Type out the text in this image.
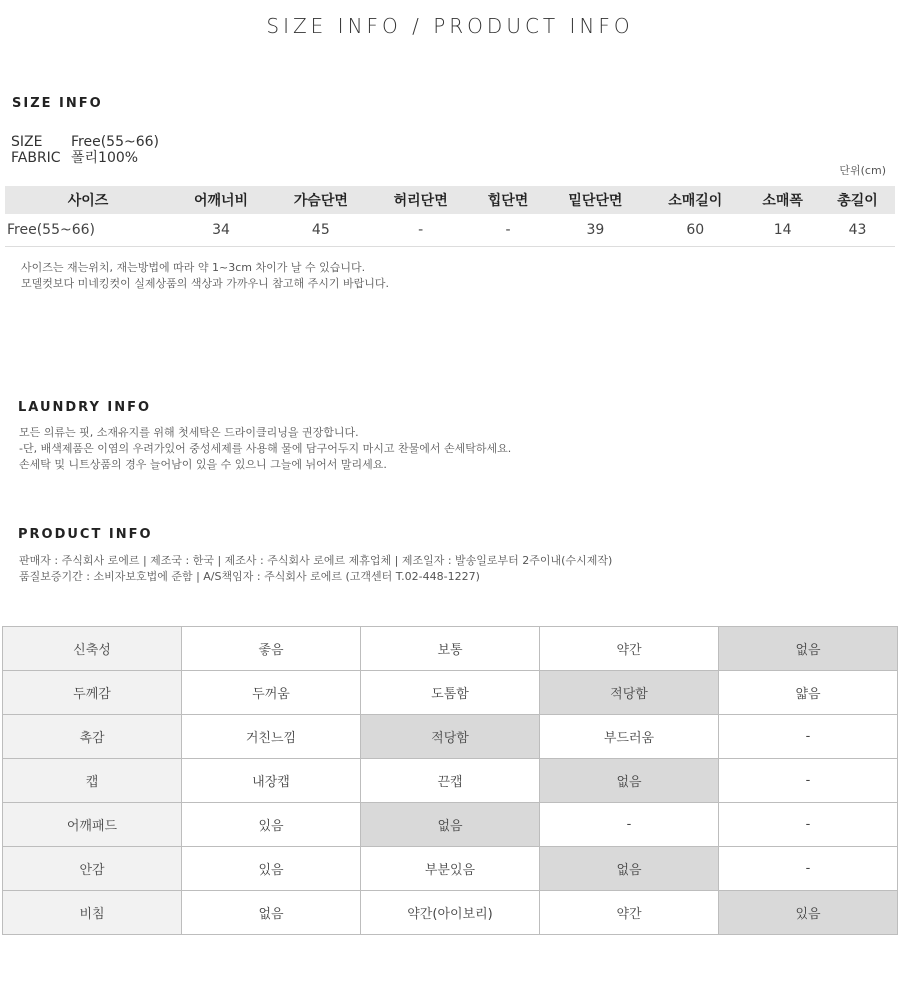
SIZE INFO / PRODUCT INFO
SIZE INFO
SIZE Free(55~66)
FABRIC 폴리100%
단위(cm)
사이즈	어깨너비	가슴단면	허리단면	힙단면	밑단단면	소매길이	소매폭	총길이
Free(55~66)	34	45	-	-	39	60	14	43
사이즈는 재는위치, 재는방법에 따라 약 1~3cm 차이가 날 수 있습니다.
모델컷보다 미네킹컷이 실제상품의 색상과 가까우니 참고해 주시기 바랍니다.
LAUNDRY INFO
모든 의류는 핏, 소재유지를 위해 첫세탁은 드라이클리닝을 권장합니다.
-단, 배색제품은 이염의 우려가있어 중성세제를 사용해 물에 담구어두지 마시고 찬물에서 손세탁하세요.
손세탁 및 니트상품의 경우 늘어남이 있을 수 있으니 그늘에 뉘어서 말리세요.
PRODUCT INFO
판매자 : 주식회사 로에르 | 제조국 : 한국 | 제조사 : 주식회사 로에르 제휴업체 | 제조일자 : 발송일로부터 2주이내(수시제작)
품질보증기간 : 소비자보호법에 준함 | A/S책임자 : 주식회사 로에르 (고객센터 T.02-448-1227)
신축성	좋음	보통	약간	없음
두께감	두꺼움	도톰함	적당함	얇음
촉감	거친느낌	적당함	부드러움	-
캡	내장캡	끈캡	없음	-
어깨패드	있음	없음	-	-
안감	있음	부분있음	없음	-
비침	없음	약간(아이보리)	약간	있음
